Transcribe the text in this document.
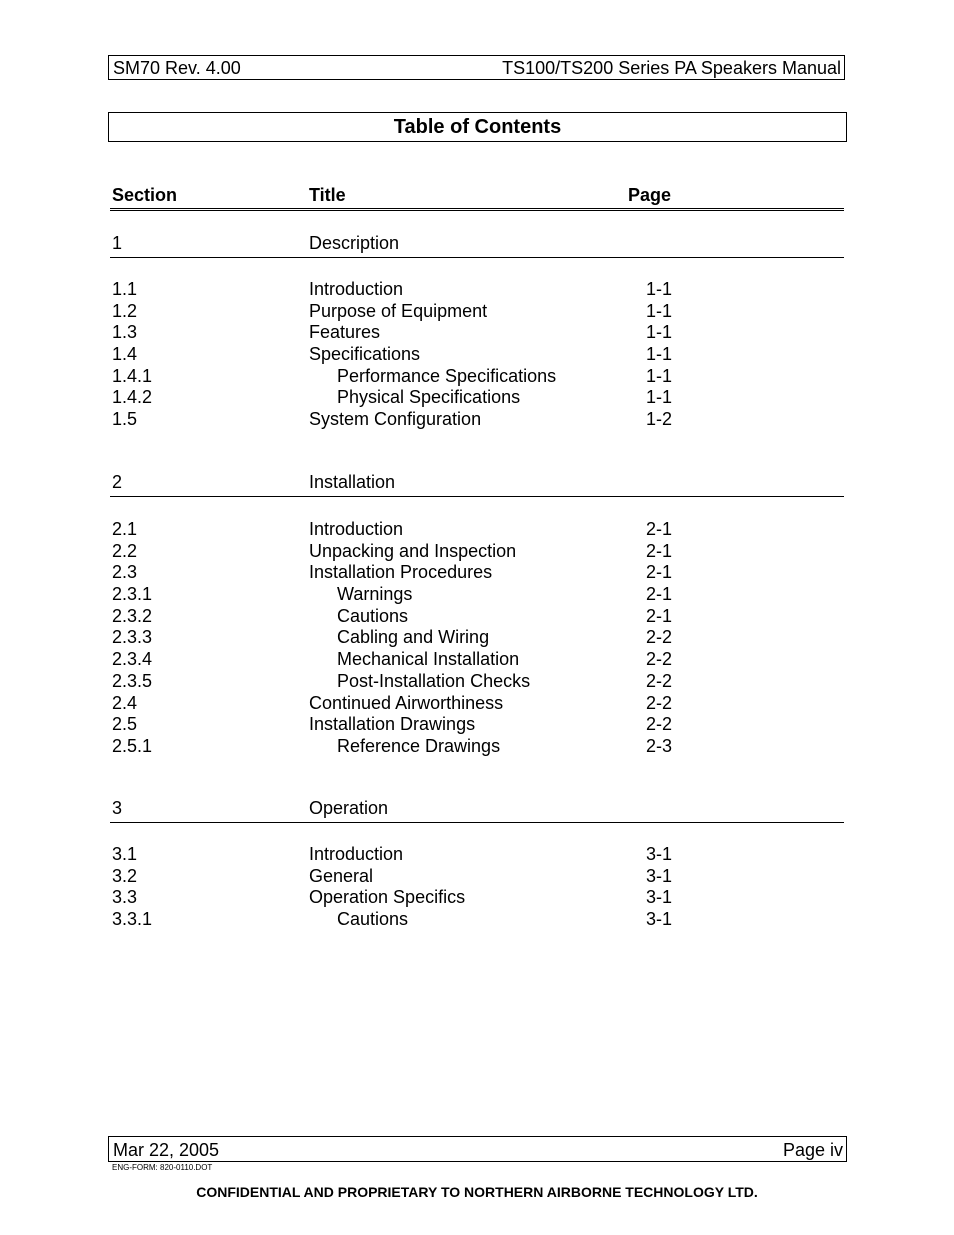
SM70 Rev. 4.00	TS100/TS200 Series PA Speakers Manual
Table of Contents
Section	Title	Page
1	Description
1.1	Introduction	1-1
1.2	Purpose of Equipment	1-1
1.3	Features	1-1
1.4	Specifications	1-1
1.4.1	Performance Specifications	1-1
1.4.2	Physical Specifications	1-1
1.5	System Configuration	1-2
2	Installation
2.1	Introduction	2-1
2.2	Unpacking and Inspection	2-1
2.3	Installation Procedures	2-1
2.3.1	Warnings	2-1
2.3.2	Cautions	2-1
2.3.3	Cabling and Wiring	2-2
2.3.4	Mechanical Installation	2-2
2.3.5	Post-Installation Checks	2-2
2.4	Continued Airworthiness	2-2
2.5	Installation Drawings	2-2
2.5.1	Reference Drawings	2-3
3	Operation
3.1	Introduction	3-1
3.2	General	3-1
3.3	Operation Specifics	3-1
3.3.1	Cautions	3-1
Mar 22, 2005	Page iv
ENG-FORM: 820-0110.DOT
CONFIDENTIAL AND PROPRIETARY TO NORTHERN AIRBORNE TECHNOLOGY LTD.
